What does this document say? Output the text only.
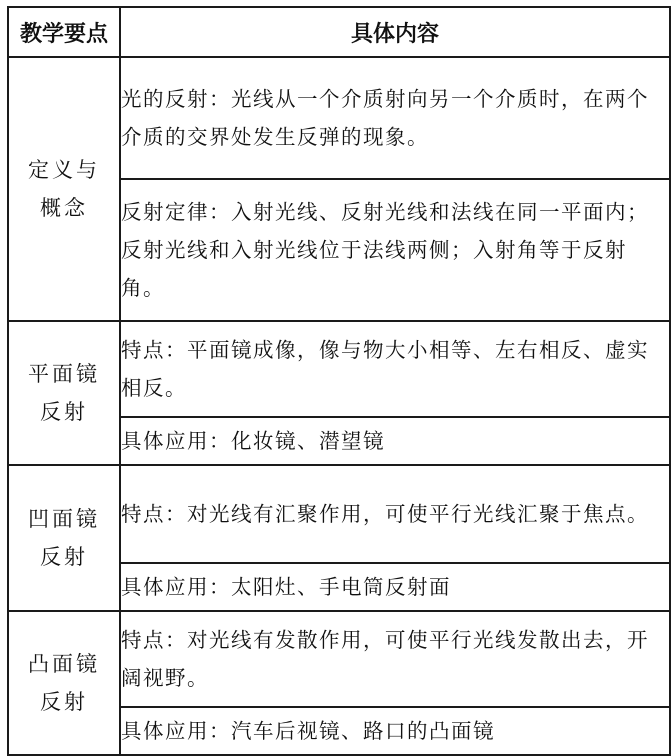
教学要点	具体内容

定义与
概念	光的反射：光线从一个介质射向另一个介质时，在两个介质的交界处发生反弹的现象。
	反射定律：入射光线、反射光线和法线在同一平面内；反射光线和入射光线位于法线两侧；入射角等于反射角。

平面镜
反射	特点：平面镜成像，像与物大小相等、左右相反、虚实相反。
	具体应用：化妆镜、潜望镜

凹面镜
反射	特点：对光线有汇聚作用，可使平行光线汇聚于焦点。
	具体应用：太阳灶、手电筒反射面

凸面镜
反射	特点：对光线有发散作用，可使平行光线发散出去，开阔视野。
	具体应用：汽车后视镜、路口的凸面镜
